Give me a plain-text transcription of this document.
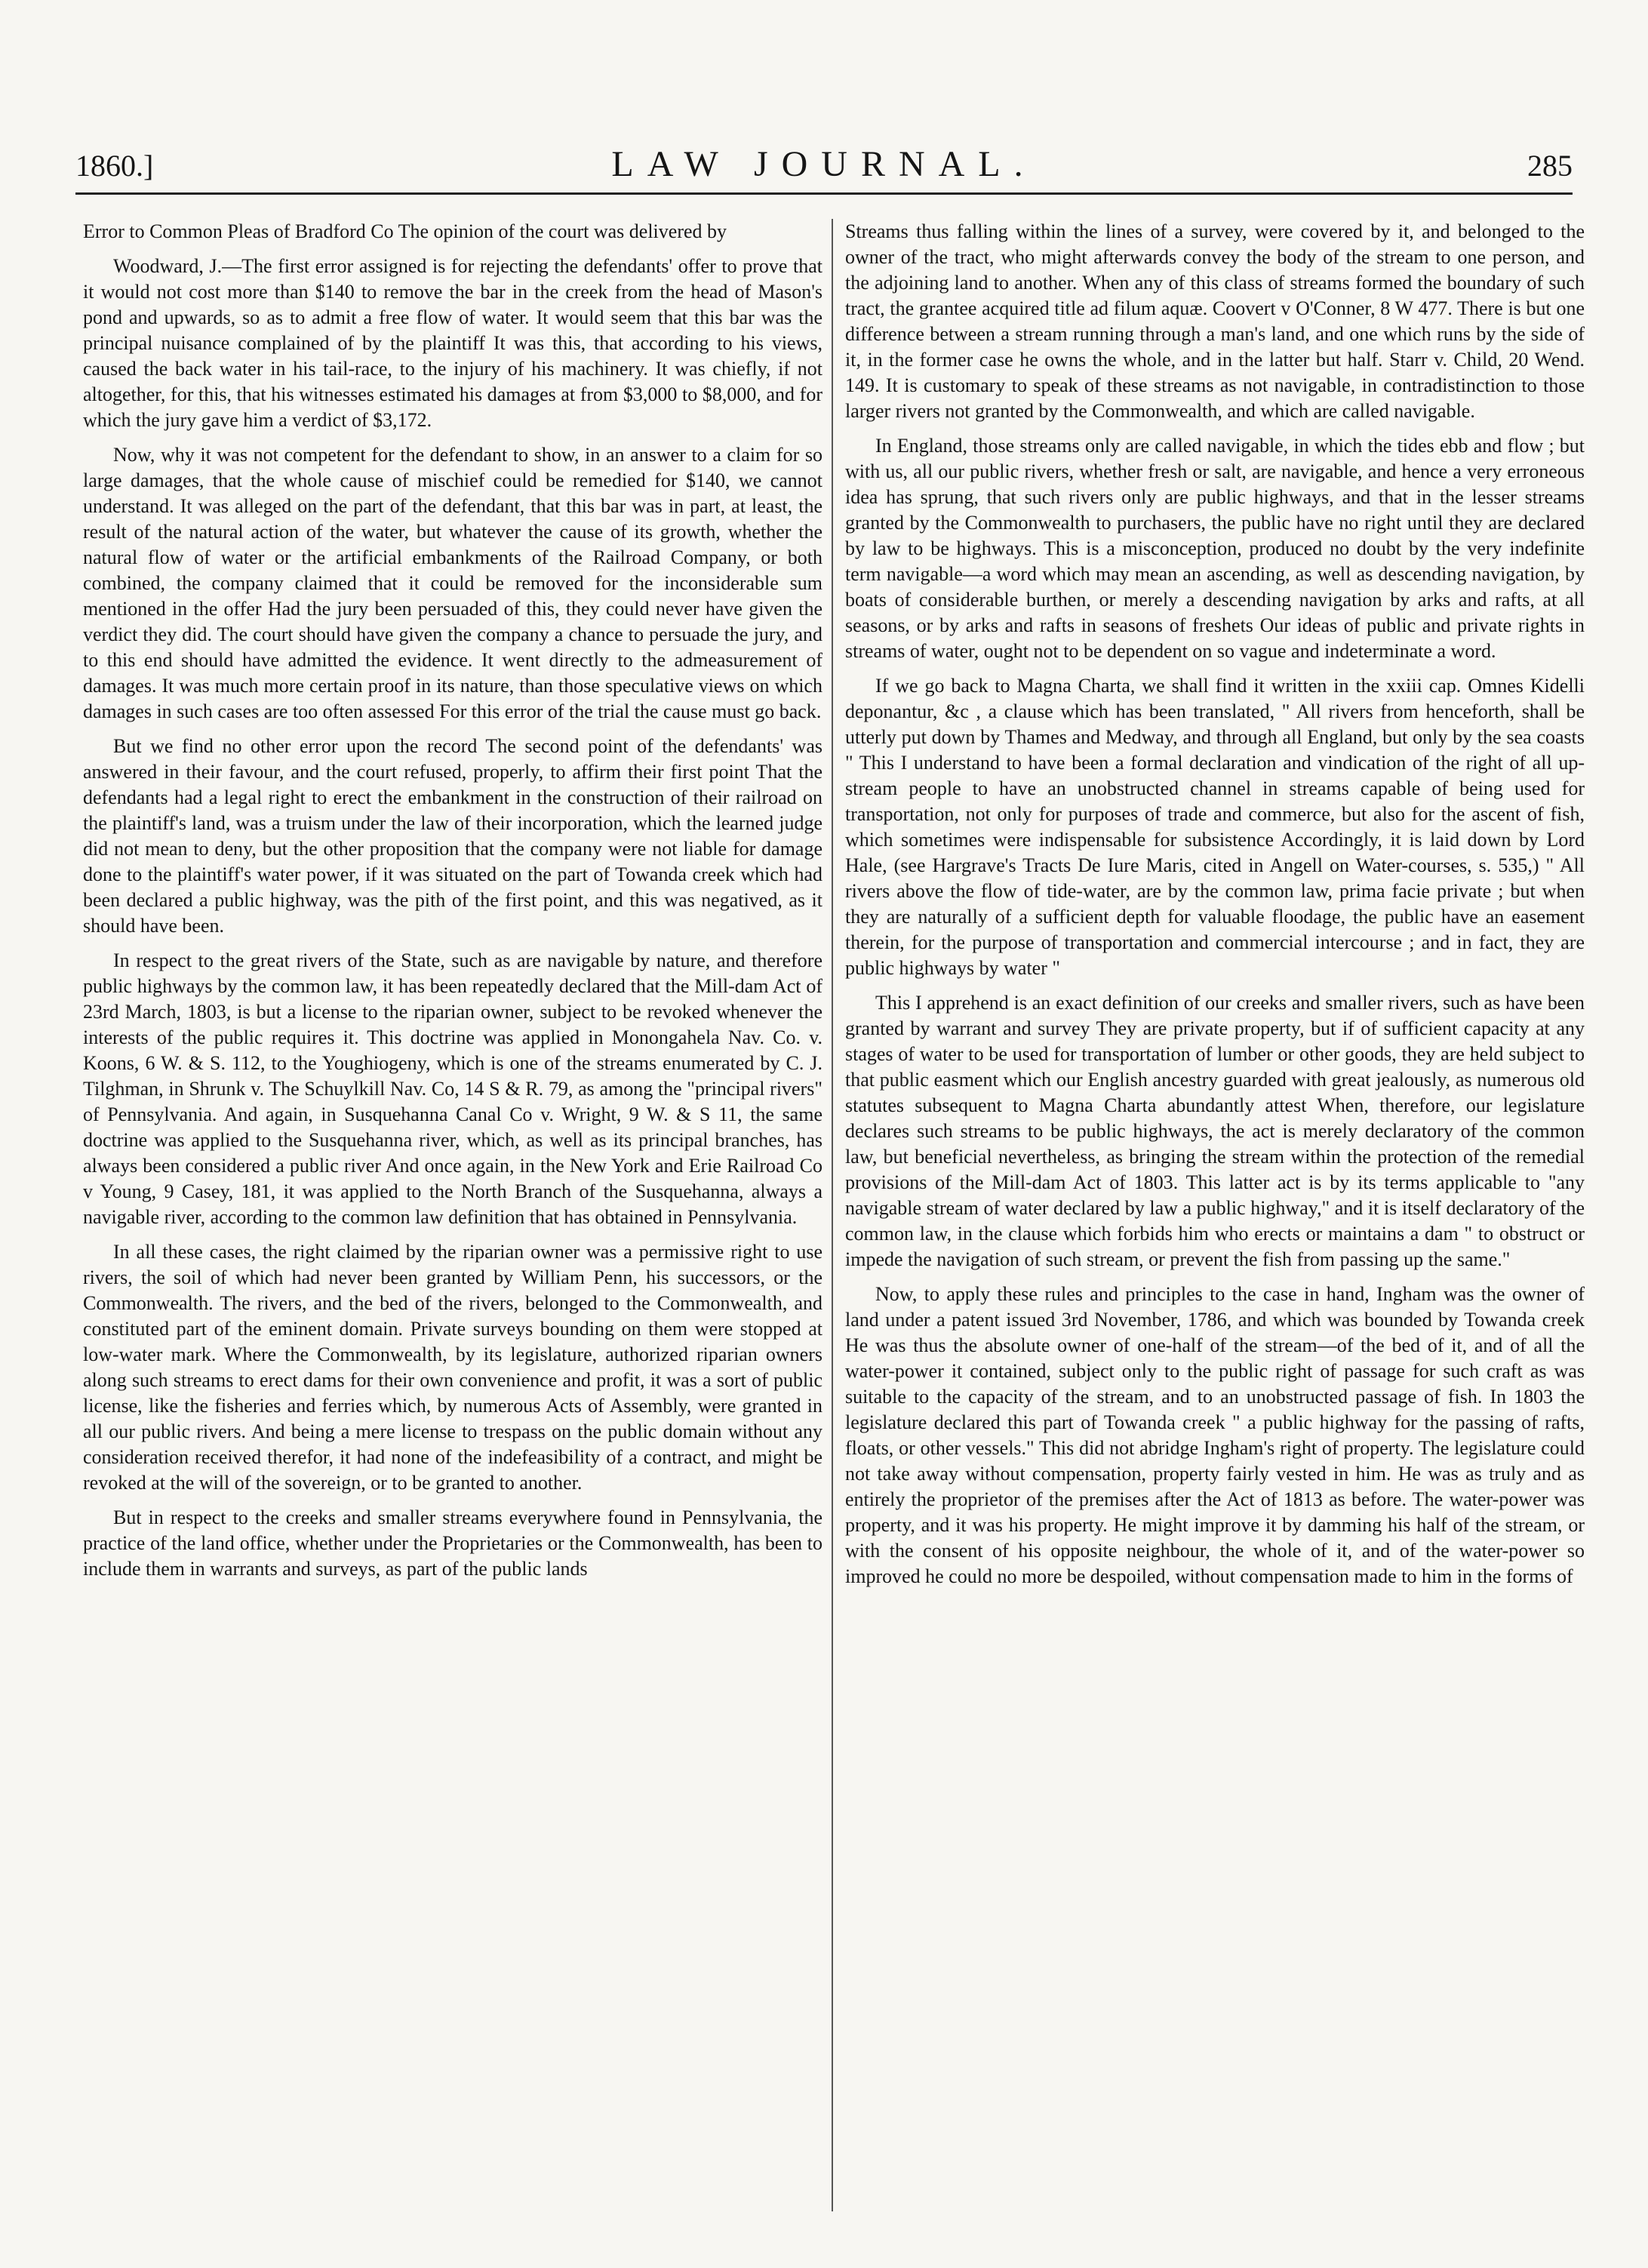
1860.]	LAW JOURNAL.	285

Error to Common Pleas of Bradford Co The opinion of the court was delivered by

Woodward, J.—The first error assigned is for rejecting the defendants' offer to prove that it would not cost more than $140 to remove the bar in the creek from the head of Mason's pond and upwards, so as to admit a free flow of water. It would seem that this bar was the principal nuisance complained of by the plaintiff It was this, that according to his views, caused the back water in his tail-race, to the injury of his machinery. It was chiefly, if not altogether, for this, that his witnesses estimated his damages at from $3,000 to $8,000, and for which the jury gave him a verdict of $3,172.

Now, why it was not competent for the defendant to show, in an answer to a claim for so large damages, that the whole cause of mischief could be remedied for $140, we cannot understand. It was alleged on the part of the defendant, that this bar was in part, at least, the result of the natural action of the water, but whatever the cause of its growth, whether the natural flow of water or the artificial embankments of the Railroad Company, or both combined, the company claimed that it could be removed for the inconsiderable sum mentioned in the offer Had the jury been persuaded of this, they could never have given the verdict they did. The court should have given the company a chance to persuade the jury, and to this end should have admitted the evidence. It went directly to the admeasurement of damages. It was much more certain proof in its nature, than those speculative views on which damages in such cases are too often assessed For this error of the trial the cause must go back.

But we find no other error upon the record The second point of the defendants' was answered in their favour, and the court refused, properly, to affirm their first point That the defendants had a legal right to erect the embankment in the construction of their railroad on the plaintiff's land, was a truism under the law of their incorporation, which the learned judge did not mean to deny, but the other proposition that the company were not liable for damage done to the plaintiff's water power, if it was situated on the part of Towanda creek which had been declared a public highway, was the pith of the first point, and this was negatived, as it should have been.

In respect to the great rivers of the State, such as are navigable by nature, and therefore public highways by the common law, it has been repeatedly declared that the Mill-dam Act of 23rd March, 1803, is but a license to the riparian owner, subject to be revoked whenever the interests of the public requires it. This doctrine was applied in Monongahela Nav. Co. v. Koons, 6 W. & S. 112, to the Youghiogeny, which is one of the streams enumerated by C. J. Tilghman, in Shrunk v. The Schuylkill Nav. Co, 14 S & R. 79, as among the "principal rivers" of Pennsylvania. And again, in Susquehanna Canal Co v. Wright, 9 W. & S 11, the same doctrine was applied to the Susquehanna river, which, as well as its principal branches, has always been considered a public river And once again, in the New York and Erie Railroad Co v Young, 9 Casey, 181, it was applied to the North Branch of the Susquehanna, always a navigable river, according to the common law definition that has obtained in Pennsylvania.

In all these cases, the right claimed by the riparian owner was a permissive right to use rivers, the soil of which had never been granted by William Penn, his successors, or the Commonwealth. The rivers, and the bed of the rivers, belonged to the Commonwealth, and constituted part of the eminent domain. Private surveys bounding on them were stopped at low-water mark. Where the Commonwealth, by its legislature, authorized riparian owners along such streams to erect dams for their own convenience and profit, it was a sort of public license, like the fisheries and ferries which, by numerous Acts of Assembly, were granted in all our public rivers. And being a mere license to trespass on the public domain without any consideration received therefor, it had none of the indefeasibility of a contract, and might be revoked at the will of the sovereign, or to be granted to another.

But in respect to the creeks and smaller streams everywhere found in Pennsylvania, the practice of the land office, whether under the Proprietaries or the Commonwealth, has been to include them in warrants and surveys, as part of the public lands

Streams thus falling within the lines of a survey, were covered by it, and belonged to the owner of the tract, who might afterwards convey the body of the stream to one person, and the adjoining land to another. When any of this class of streams formed the boundary of such tract, the grantee acquired title ad filum aquæ. Coovert v O'Conner, 8 W 477. There is but one difference between a stream running through a man's land, and one which runs by the side of it, in the former case he owns the whole, and in the latter but half. Starr v. Child, 20 Wend. 149. It is customary to speak of these streams as not navigable, in contradistinction to those larger rivers not granted by the Commonwealth, and which are called navigable.

In England, those streams only are called navigable, in which the tides ebb and flow ; but with us, all our public rivers, whether fresh or salt, are navigable, and hence a very erroneous idea has sprung, that such rivers only are public highways, and that in the lesser streams granted by the Commonwealth to purchasers, the public have no right until they are declared by law to be highways. This is a misconception, produced no doubt by the very indefinite term navigable—a word which may mean an ascending, as well as descending navigation, by boats of considerable burthen, or merely a descending navigation by arks and rafts, at all seasons, or by arks and rafts in seasons of freshets Our ideas of public and private rights in streams of water, ought not to be dependent on so vague and indeterminate a word.

If we go back to Magna Charta, we shall find it written in the xxiii cap. Omnes Kidelli deponantur, &c , a clause which has been translated, " All rivers from henceforth, shall be utterly put down by Thames and Medway, and through all England, but only by the sea coasts " This I understand to have been a formal declaration and vindication of the right of all up-stream people to have an unobstructed channel in streams capable of being used for transportation, not only for purposes of trade and commerce, but also for the ascent of fish, which sometimes were indispensable for subsistence Accordingly, it is laid down by Lord Hale, (see Hargrave's Tracts De Iure Maris, cited in Angell on Water-courses, s. 535,) " All rivers above the flow of tide-water, are by the common law, prima facie private ; but when they are naturally of a sufficient depth for valuable floodage, the public have an easement therein, for the purpose of transportation and commercial intercourse ; and in fact, they are public highways by water "

This I apprehend is an exact definition of our creeks and smaller rivers, such as have been granted by warrant and survey They are private property, but if of sufficient capacity at any stages of water to be used for transportation of lumber or other goods, they are held subject to that public easment which our English ancestry guarded with great jealously, as numerous old statutes subsequent to Magna Charta abundantly attest When, therefore, our legislature declares such streams to be public highways, the act is merely declaratory of the common law, but beneficial nevertheless, as bringing the stream within the protection of the remedial provisions of the Mill-dam Act of 1803. This latter act is by its terms applicable to "any navigable stream of water declared by law a public highway," and it is itself declaratory of the common law, in the clause which forbids him who erects or maintains a dam " to obstruct or impede the navigation of such stream, or prevent the fish from passing up the same."

Now, to apply these rules and principles to the case in hand, Ingham was the owner of land under a patent issued 3rd November, 1786, and which was bounded by Towanda creek He was thus the absolute owner of one-half of the stream—of the bed of it, and of all the water-power it contained, subject only to the public right of passage for such craft as was suitable to the capacity of the stream, and to an unobstructed passage of fish. In 1803 the legislature declared this part of Towanda creek " a public highway for the passing of rafts, floats, or other vessels." This did not abridge Ingham's right of property. The legislature could not take away without compensation, property fairly vested in him. He was as truly and as entirely the proprietor of the premises after the Act of 1813 as before. The water-power was property, and it was his property. He might improve it by damming his half of the stream, or with the consent of his opposite neighbour, the whole of it, and of the water-power so improved he could no more be despoiled, without compensation made to him in the forms of
